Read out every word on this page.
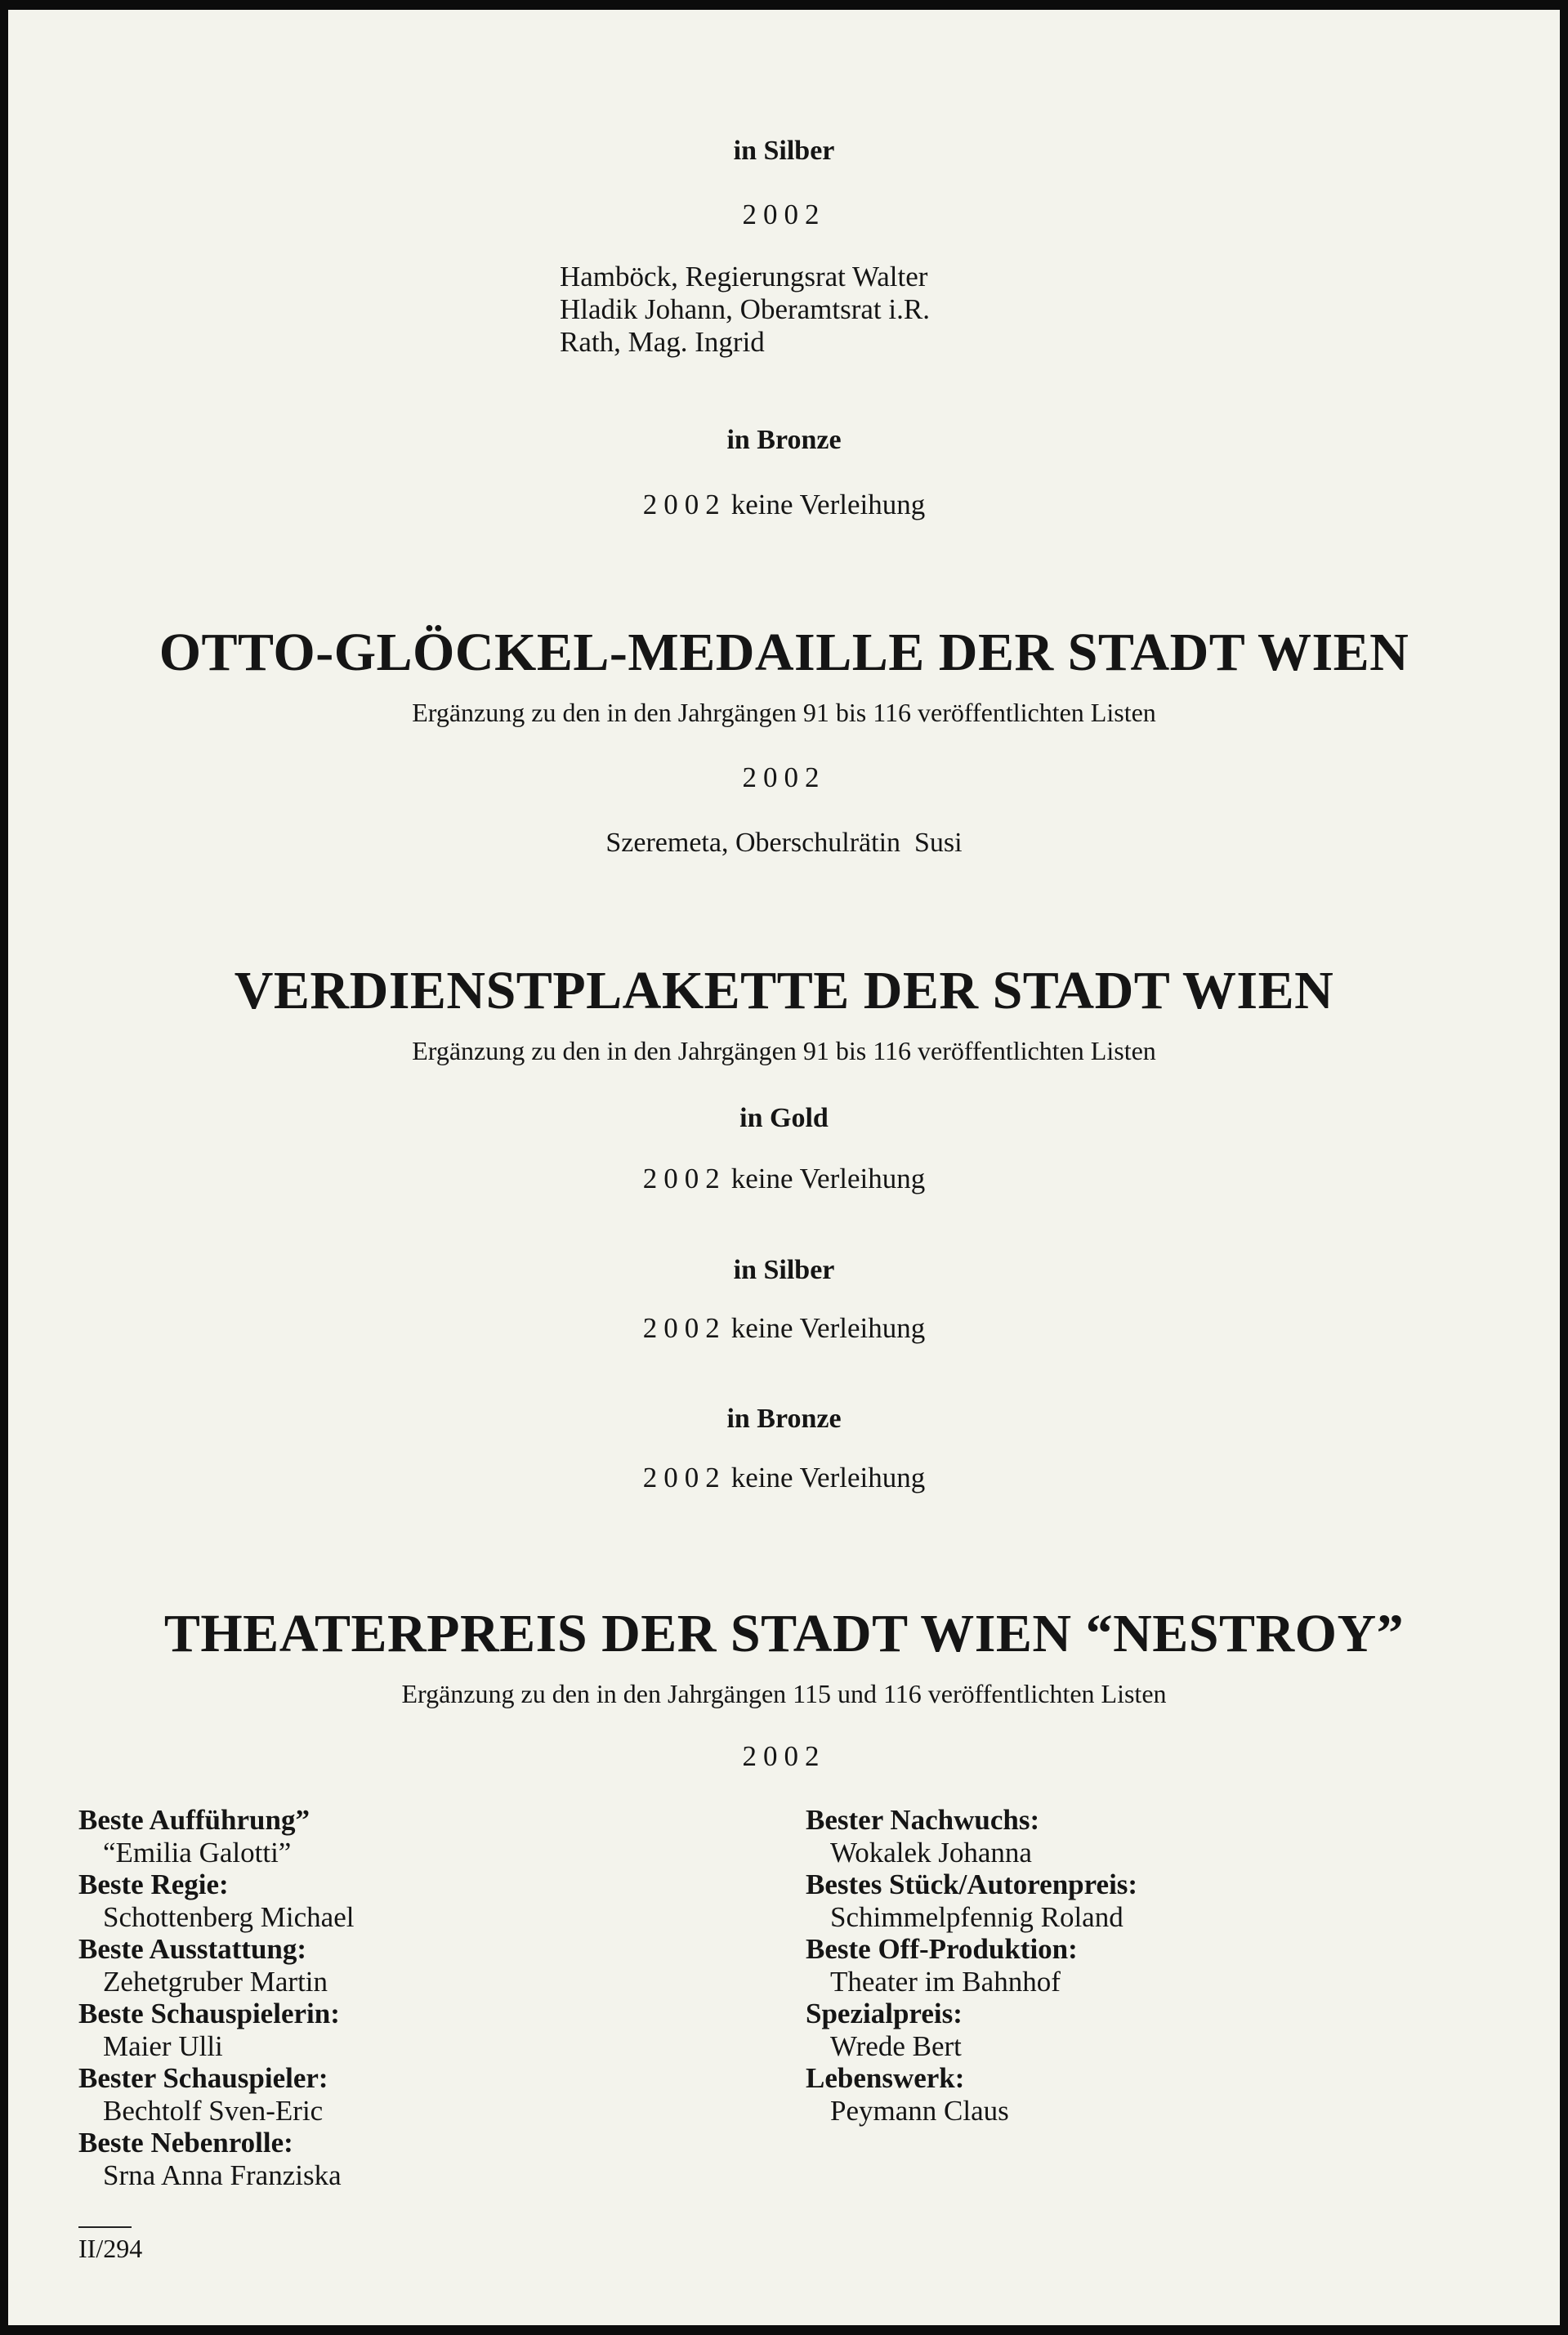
in Silber
2002
Hamböck, Regierungsrat Walter
Hladik Johann, Oberamtsrat i.R.
Rath, Mag. Ingrid
in Bronze
2002 keine Verleihung
OTTO-GLÖCKEL-MEDAILLE DER STADT WIEN
Ergänzung zu den in den Jahrgängen 91 bis 116 veröffentlichten Listen
2002
Szeremeta, Oberschulrätin  Susi
VERDIENSTPLAKETTE DER STADT WIEN
Ergänzung zu den in den Jahrgängen 91 bis 116 veröffentlichten Listen
in Gold
2002 keine Verleihung
in Silber
2002 keine Verleihung
in Bronze
2002 keine Verleihung
THEATERPREIS DER STADT WIEN “NESTROY”
Ergänzung zu den in den Jahrgängen 115 und 116 veröffentlichten Listen
2002
Beste Aufführung”
“Emilia Galotti”
Beste Regie:
Schottenberg Michael
Beste Ausstattung:
Zehetgruber Martin
Beste Schauspielerin:
Maier Ulli
Bester Schauspieler:
Bechtolf Sven-Eric
Beste Nebenrolle:
Srna Anna Franziska
Bester Nachwuchs:
Wokalek Johanna
Bestes Stück/Autorenpreis:
Schimmelpfennig Roland
Beste Off-Produktion:
Theater im Bahnhof
Spezialpreis:
Wrede Bert
Lebenswerk:
Peymann Claus
II/294
